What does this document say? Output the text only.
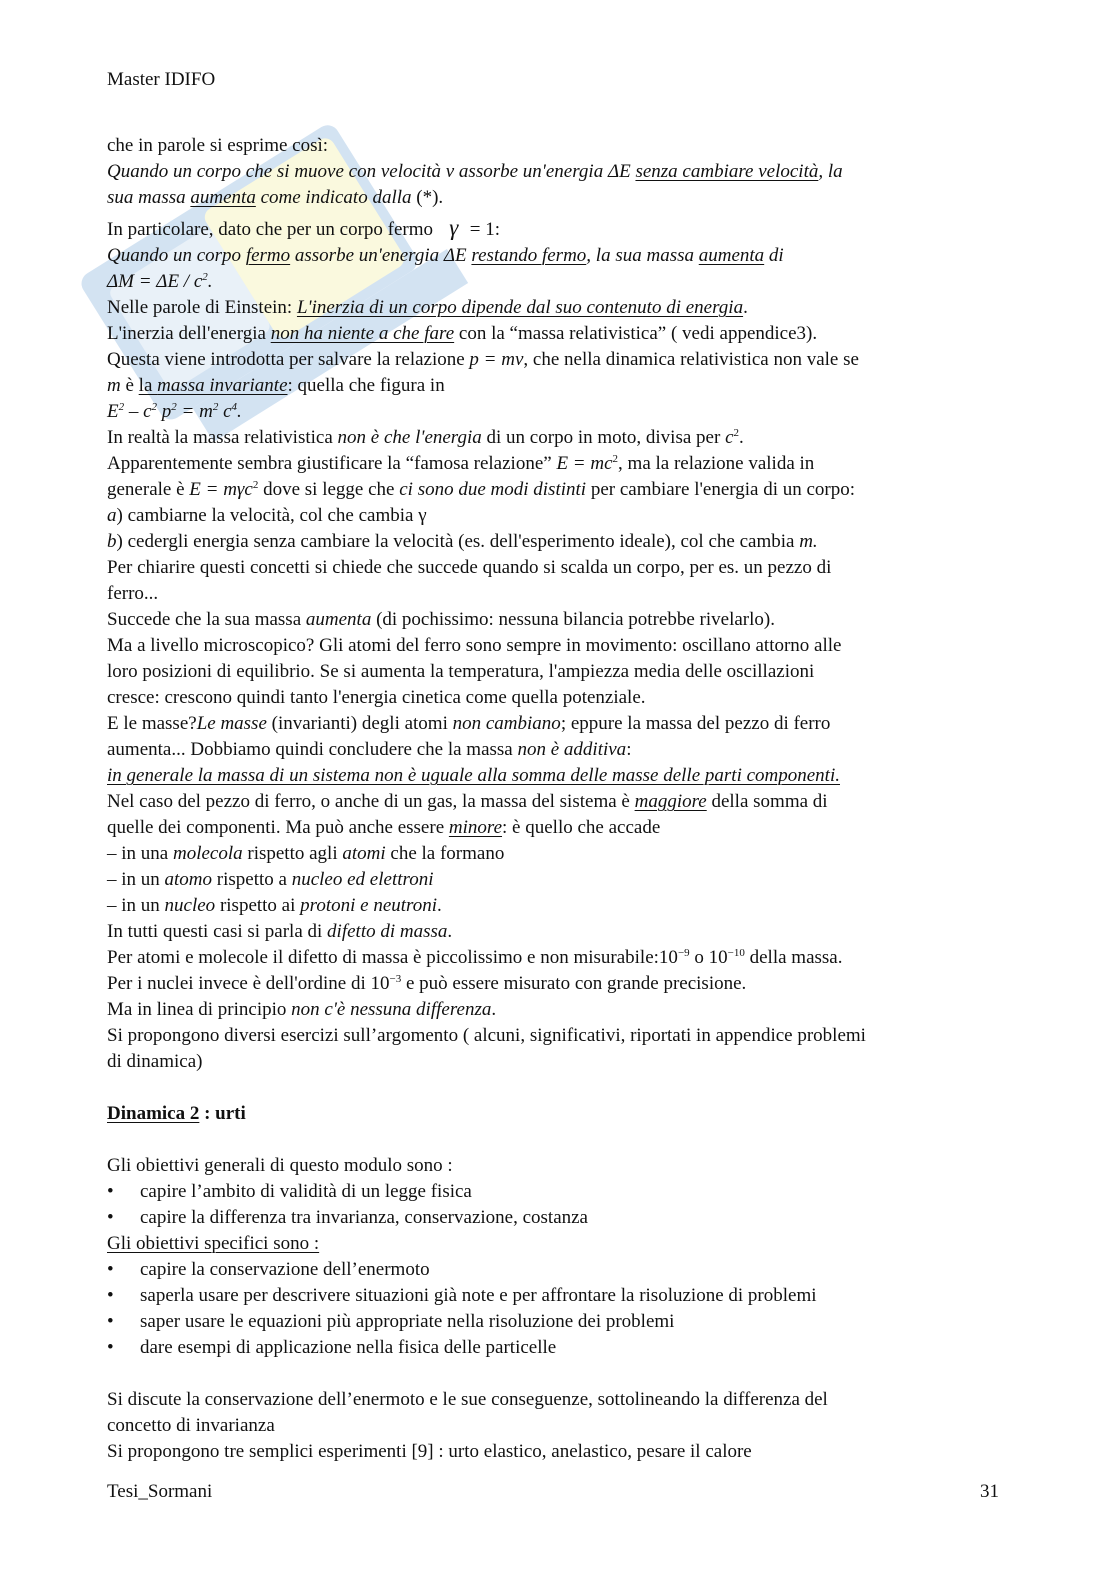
Master IDIFO

che in parole si esprime così:

Quando un corpo che si muove con velocità v assorbe un'energia ΔE senza cambiare velocità, la

sua massa aumenta come indicato dalla (*).

In particolare, dato che per un corpo fermo γ = 1:

Quando un corpo fermo assorbe un'energia ΔE restando fermo, la sua massa aumenta di

$\Delta M = \Delta E / c^2$.

Nelle parole di Einstein: L'inerzia di un corpo dipende dal suo contenuto di energia.

L'inerzia dell'energia non ha niente a che fare con la “massa relativistica” ( vedi appendice3).

Questa viene introdotta per salvare la relazione p = mv, che nella dinamica relativistica non vale se

m è la massa invariante: quella che figura in

$E^2 - c^2$ $p^2 = m^2$ $c^4$.

In realtà la massa relativistica non è che l'energia di un corpo in moto, divisa per $c^2$.

Apparentemente sembra giustificare la “famosa relazione” $E = mc^2$, ma la relazione valida in

generale è E = mγc$^2$ dove si legge che ci sono due modi distinti per cambiare l'energia di un corpo:

a) cambiarne la velocità, col che cambia γ

b) cedergli energia senza cambiare la velocità (es. dell'esperimento ideale), col che cambia m.

Per chiarire questi concetti si chiede che succede quando si scalda un corpo, per es. un pezzo di

ferro...

Succede che la sua massa aumenta (di pochissimo: nessuna bilancia potrebbe rivelarlo).

Ma a livello microscopico? Gli atomi del ferro sono sempre in movimento: oscillano attorno alle

loro posizioni di equilibrio. Se si aumenta la temperatura, l'ampiezza media delle oscillazioni

cresce: crescono quindi tanto l'energia cinetica come quella potenziale.

E le masse?Le masse (invarianti) degli atomi non cambiano; eppure la massa del pezzo di ferro

aumenta... Dobbiamo quindi concludere che la massa non è additiva:

in generale la massa di un sistema non è uguale alla somma delle masse delle parti componenti.

Nel caso del pezzo di ferro, o anche di un gas, la massa del sistema è maggiore della somma di

quelle dei componenti. Ma può anche essere minore: è quello che accade

– in una molecola rispetto agli atomi che la formano

– in un atomo rispetto a nucleo ed elettroni

– in un nucleo rispetto ai protoni e neutroni.

In tutti questi casi si parla di difetto di massa.

Per atomi e molecole il difetto di massa è piccolissimo e non $misurabile:10^{-9}$ o $10^{-10}$ della massa.

Per i nuclei invece è dell'ordine di $10^{-3}$ e può essere misurato con grande precisione.

Ma in linea di principio non c'è nessuna differenza.

Si propongono diversi esercizi sull’argomento ( alcuni, significativi, riportati in appendice problemi

di dinamica)

Dinamica 2 : urti

Gli obiettivi generali di questo modulo sono :

•	capire l’ambito di validità di un legge fisica
•	capire la differenza tra invarianza, conservazione, costanza

Gli obiettivi specifici sono :

•	capire la conservazione dell’enermoto
•	saperla usare per descrivere situazioni già note e per affrontare la risoluzione di problemi
•	saper usare le equazioni più appropriate nella risoluzione dei problemi
•	dare esempi di applicazione nella fisica delle particelle

Si discute la conservazione dell’enermoto e le sue conseguenze, sottolineando la differenza del

concetto di invarianza

Si propongono tre semplici esperimenti [9] : urto elastico, anelastico, pesare il calore

Tesi_Sormani	31
